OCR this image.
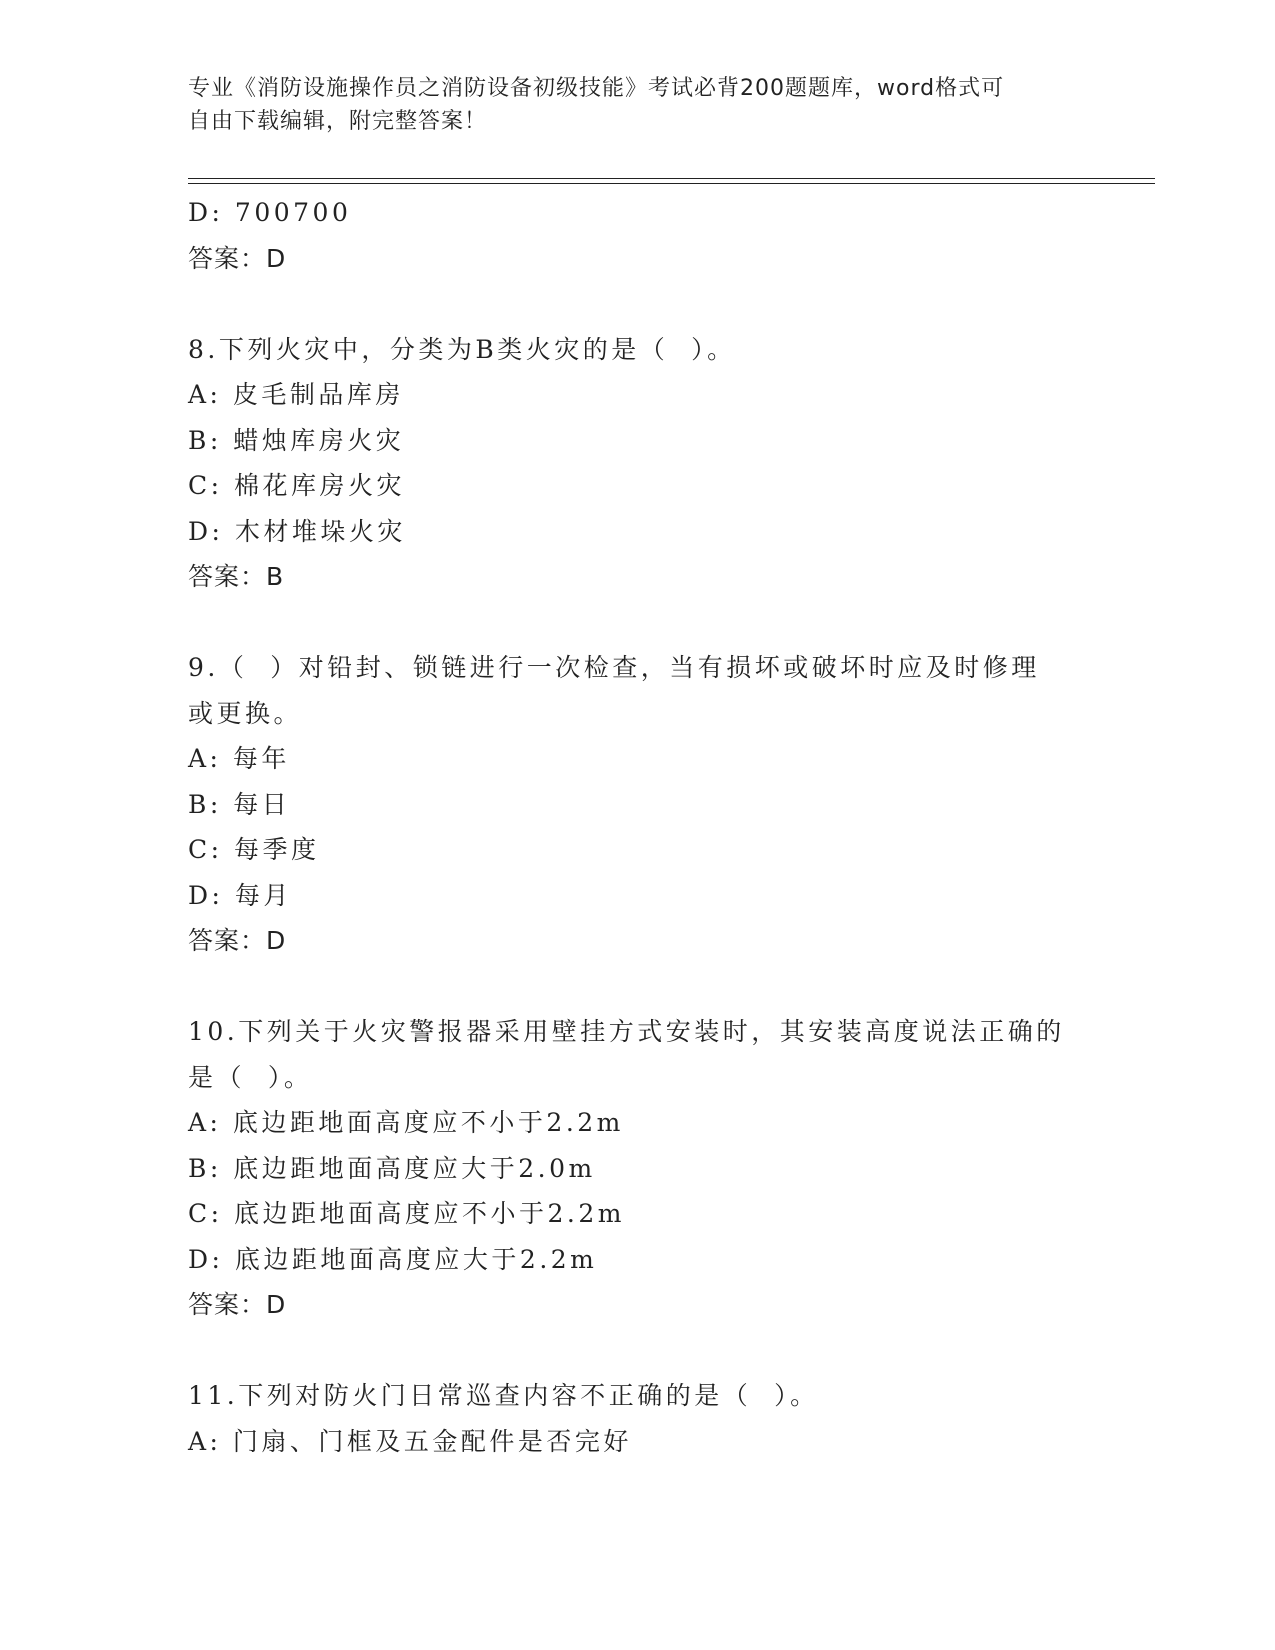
专业《消防设施操作员之消防设备初级技能》考试必背200题题库，word格式可
自由下载编辑，附完整答案！
D: 700700
答案：D
8.下列火灾中，分类为B类火灾的是（  ）。
A: 皮毛制品库房
B: 蜡烛库房火灾
C: 棉花库房火灾
D: 木材堆垛火灾
答案：B
9.（  ）对铅封、锁链进行一次检查，当有损坏或破坏时应及时修理
或更换。
A: 每年
B: 每日
C: 每季度
D: 每月
答案：D
10.下列关于火灾警报器采用壁挂方式安装时，其安装高度说法正确的
是（  ）。
A: 底边距地面高度应不小于2.2m
B: 底边距地面高度应大于2.0m
C: 底边距地面高度应不小于2.2m
D: 底边距地面高度应大于2.2m
答案：D
11.下列对防火门日常巡查内容不正确的是（  ）。
A: 门扇、门框及五金配件是否完好
